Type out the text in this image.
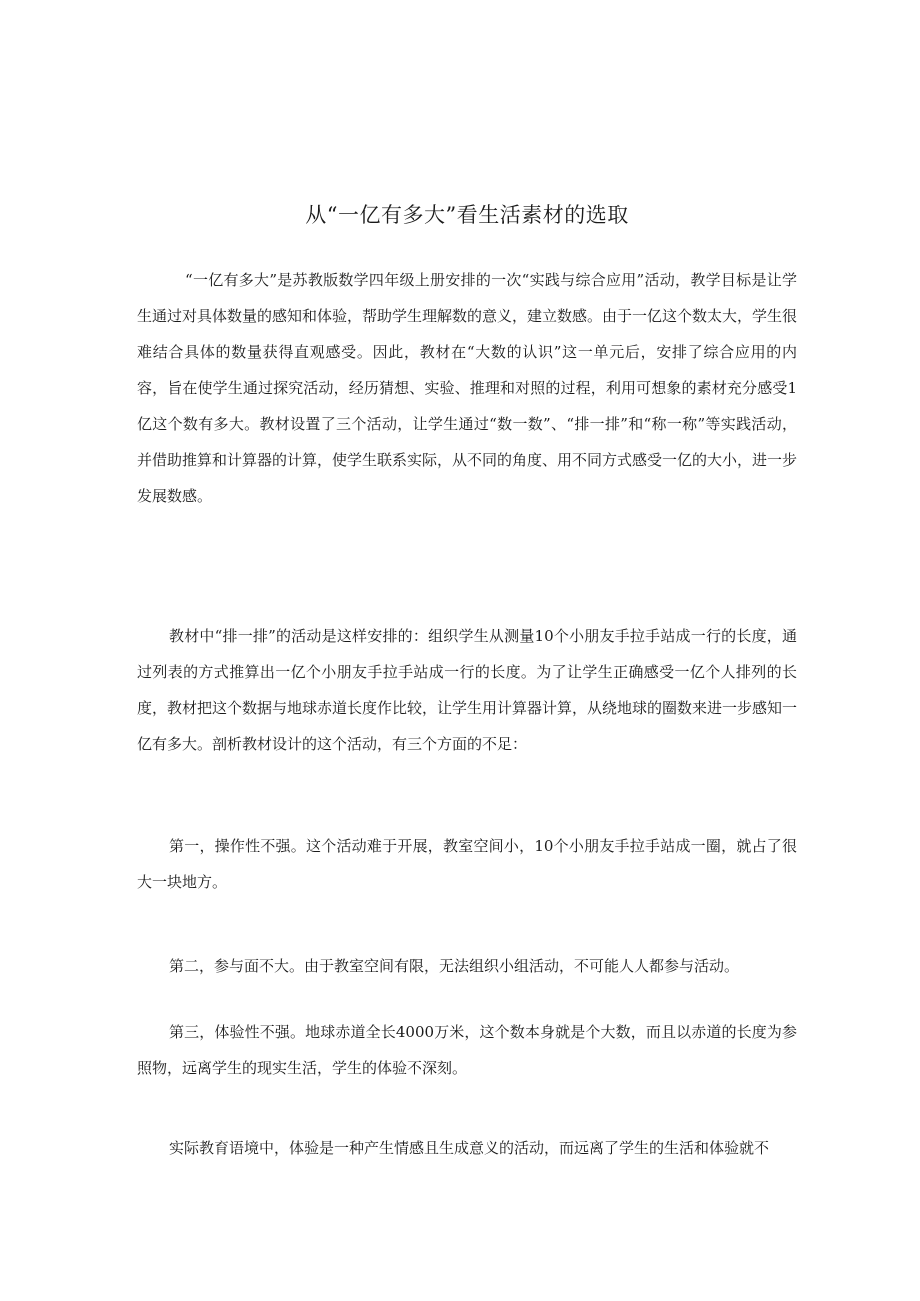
从“一亿有多大”看生活素材的选取

“一亿有多大”是苏教版数学四年级上册安排的一次“实践与综合应用”活动，教学目标是让学生通过对具体数量的感知和体验，帮助学生理解数的意义，建立数感。由于一亿这个数太大，学生很难结合具体的数量获得直观感受。因此，教材在“大数的认识”这一单元后，安排了综合应用的内容，旨在使学生通过探究活动，经历猜想、实验、推理和对照的过程，利用可想象的素材充分感受1亿这个数有多大。教材设置了三个活动，让学生通过“数一数”、“排一排”和“称一称”等实践活动，并借助推算和计算器的计算，使学生联系实际，从不同的角度、用不同方式感受一亿的大小，进一步发展数感。

教材中“排一排”的活动是这样安排的：组织学生从测量10个小朋友手拉手站成一行的长度，通过列表的方式推算出一亿个小朋友手拉手站成一行的长度。为了让学生正确感受一亿个人排列的长度，教材把这个数据与地球赤道长度作比较，让学生用计算器计算，从绕地球的圈数来进一步感知一亿有多大。剖析教材设计的这个活动，有三个方面的不足：

第一，操作性不强。这个活动难于开展，教室空间小，10个小朋友手拉手站成一圈，就占了很大一块地方。

第二，参与面不大。由于教室空间有限，无法组织小组活动，不可能人人都参与活动。

第三，体验性不强。地球赤道全长4000万米，这个数本身就是个大数，而且以赤道的长度为参照物，远离学生的现实生活，学生的体验不深刻。

实际教育语境中，体验是一种产生情感且生成意义的活动，而远离了学生的生活和体验就不
